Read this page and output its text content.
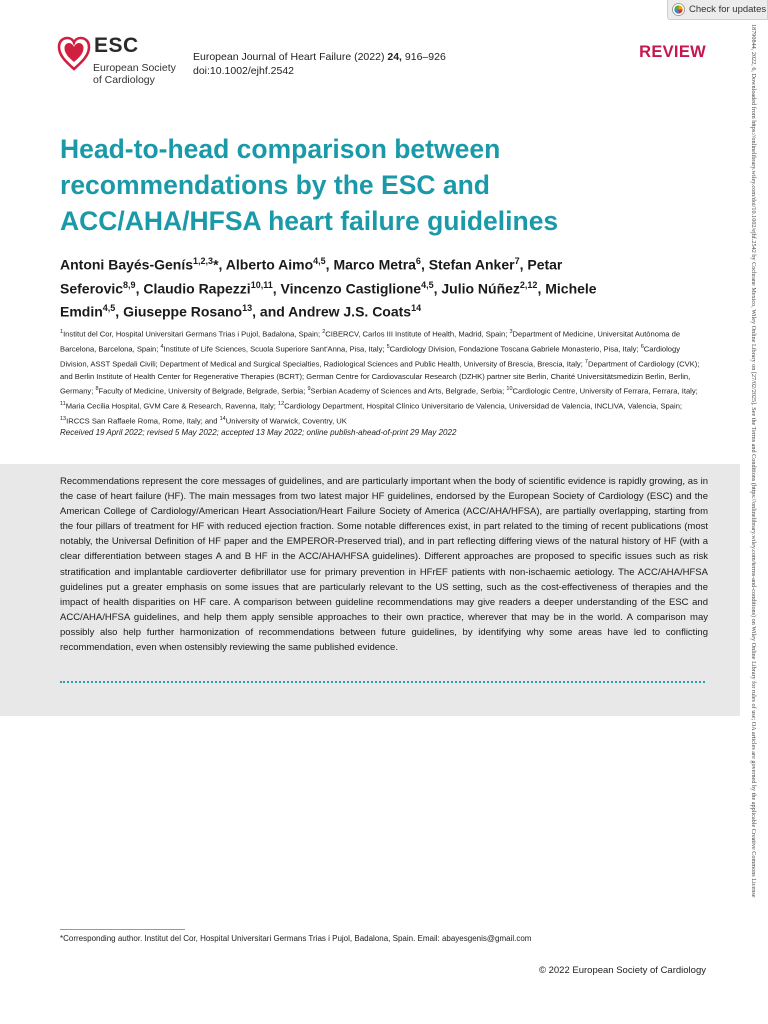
Check for updates
ESC
European Society
of Cardiology
European Journal of Heart Failure (2022) 24, 916–926
doi:10.1002/ejhf.2542
REVIEW
Head-to-head comparison between recommendations by the ESC and ACC/AHA/HFSA heart failure guidelines
Antoni Bayés-Genís$^{1,2,3}$*, Alberto Aimo$^{4,5}$, Marco Metra$^6$, Stefan Anker$^7$, Petar Seferovic$^{8,9}$, Claudio Rapezzi$^{10,11}$, Vincenzo Castiglione$^{4,5}$, Julio Núñez$^{2,12}$, Michele Emdin$^{4,5}$, Giuseppe Rosano$^{13}$, and Andrew J.S. Coats$^{14}$
$^1$Institut del Cor, Hospital Universitari Germans Trias i Pujol, Badalona, Spain; $^2$CIBERCV, Carlos III Institute of Health, Madrid, Spain; $^3$Department of Medicine, Universitat Autònoma de Barcelona, Barcelona, Spain; $^4$Institute of Life Sciences, Scuola Superiore Sant'Anna, Pisa, Italy; $^5$Cardiology Division, Fondazione Toscana Gabriele Monasterio, Pisa, Italy; $^6$Cardiology Division, ASST Spedali Civili; Department of Medical and Surgical Specialties, Radiological Sciences and Public Health, University of Brescia, Brescia, Italy; $^7$Department of Cardiology (CVK); and Berlin Institute of Health Center for Regenerative Therapies (BCRT); German Centre for Cardiovascular Research (DZHK) partner site Berlin, Charité Universitätsmedizin Berlin, Berlin, Germany; $^8$Faculty of Medicine, University of Belgrade, Belgrade, Serbia; $^9$Serbian Academy of Sciences and Arts, Belgrade, Serbia; $^{10}$Cardiologic Centre, University of Ferrara, Ferrara, Italy; $^{11}$Maria Cecilia Hospital, GVM Care & Research, Ravenna, Italy; $^{12}$Cardiology Department, Hospital Clínico Universitario de Valencia, Universidad de Valencia, INCLIVA, Valencia, Spain; $^{13}$IRCCS San Raffaele Roma, Rome, Italy; and $^{14}$University of Warwick, Coventry, UK
Received 19 April 2022; revised 5 May 2022; accepted 13 May 2022; online publish-ahead-of-print 29 May 2022
Recommendations represent the core messages of guidelines, and are particularly important when the body of scientific evidence is rapidly growing, as in the case of heart failure (HF). The main messages from two latest major HF guidelines, endorsed by the European Society of Cardiology (ESC) and the American College of Cardiology/American Heart Association/Heart Failure Society of America (ACC/AHA/HFSA), are partially overlapping, starting from the four pillars of treatment for HF with reduced ejection fraction. Some notable differences exist, in part related to the timing of recent publications (most notably, the Universal Definition of HF paper and the EMPEROR-Preserved trial), and in part reflecting differing views of the natural history of HF (with a clear differentiation between stages A and B HF in the ACC/AHA/HFSA guidelines). Different approaches are proposed to specific issues such as risk stratification and implantable cardioverter defibrillator use for primary prevention in HFrEF patients with non-ischaemic aetiology. The ACC/AHA/HFSA guidelines put a greater emphasis on some issues that are particularly relevant to the US setting, such as the cost-effectiveness of therapies and the impact of health disparities on HF care. A comparison between guideline recommendations may give readers a deeper understanding of the ESC and ACC/AHA/HFSA guidelines, and help them apply sensible approaches to their own practice, wherever that may be in the world. A comparison may possibly also help further harmonization of recommendations between future guidelines, by identifying why some areas have led to conflicting recommendation, even when ostensibly reviewing the same published evidence.
*Corresponding author. Institut del Cor, Hospital Universitari Germans Trias i Pujol, Badalona, Spain. Email: abayesgenis@gmail.com
© 2022 European Society of Cardiology
18790844, 2022, 6, Downloaded from https://onlinelibrary.wiley.com/doi/10.1002/ejhf.2542 by Cochrane Mexico, Wiley Online Library on [27/02/2025]. See the Terms and Conditions (https://onlinelibrary.wiley.com/terms-and-conditions) on Wiley Online Library for rules of use; OA articles are governed by the applicable Creative Commons License
